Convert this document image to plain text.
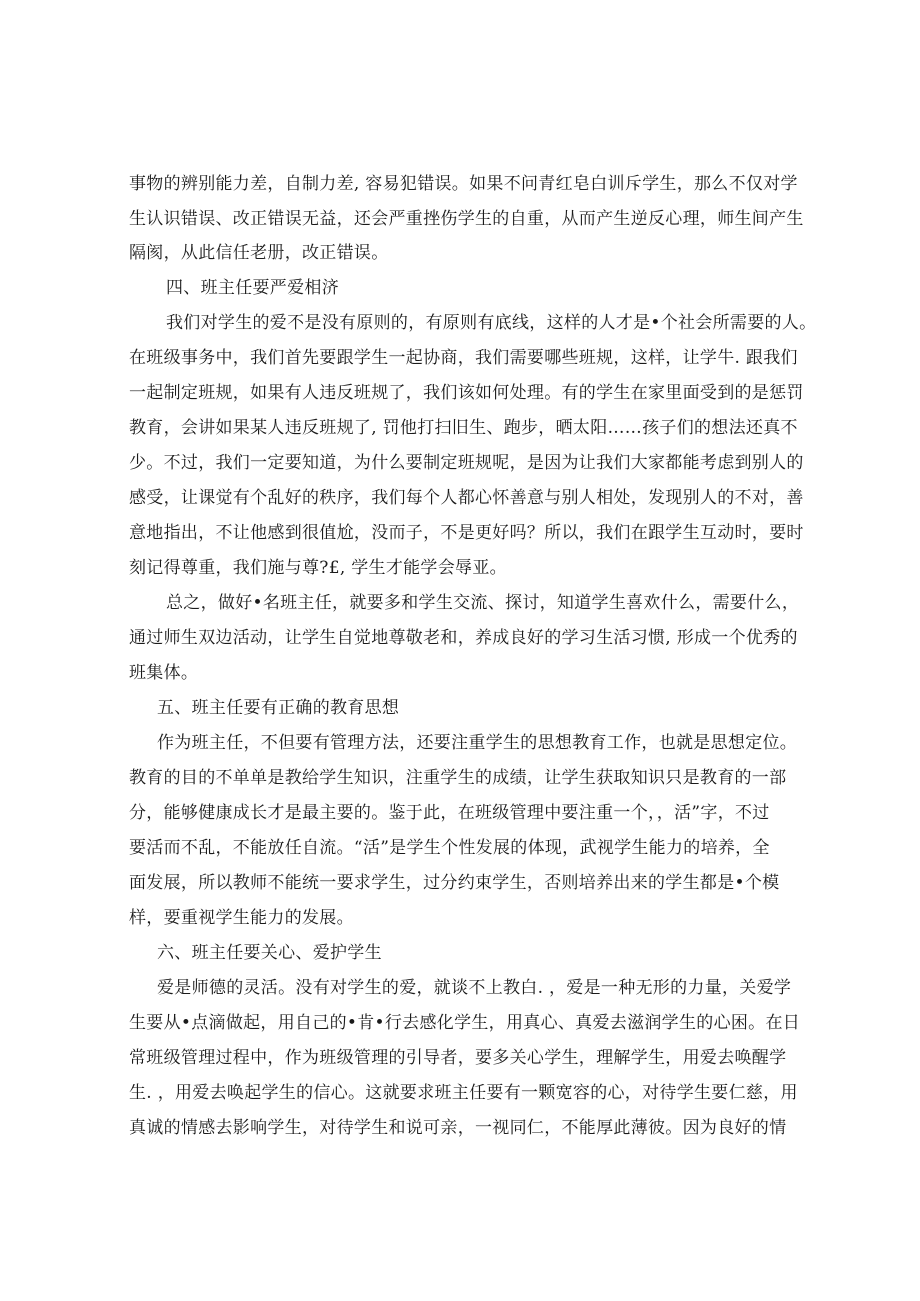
事物的辨别能力差，自制力差, 容易犯错误。如果不问青红皂白训斥学生，那么不仅对学
生认识错误、改正错误无益，还会严重挫伤学生的自重，从而产生逆反心理，师生间产生
隔阂，从此信任老册，改正错误。
四、班主任要严爱相济
我们对学生的爱不是没有原则的，有原则有底线，这样的人才是•个社会所需要的人。
在班级事务中，我们首先要跟学生一起协商，我们需要哪些班规，这样，让学牛. 跟我们
一起制定班规，如果有人违反班规了，我们该如何处理。有的学生在家里面受到的是惩罚
教育，会讲如果某人违反班规了, 罚他打扫旧生、跑步，晒太阳……孩子们的想法还真不
少。不过，我们一定要知道，为什么要制定班规呢，是因为让我们大家都能考虑到别人的
感受，让课觉有个乱好的秩序，我们每个人都心怀善意与别人相处，发现别人的不对，善
意地指出，不让他感到很值尬，没而子，不是更好吗？所以，我们在跟学生互动时，要时
刻记得尊重，我们施与尊?£, 学生才能学会辱亚。
总之，做好•名班主任，就要多和学生交流、探讨，知道学生喜欢什么，需要什么，
通过师生双边活动，让学生自觉地尊敬老和，养成良好的学习生活习惯, 形成一个优秀的
班集体。
五、班主任要有正确的教育思想
作为班主任，不但要有管理方法，还要注重学生的思想教育工作，也就是思想定位。
教育的目的不单单是教给学生知识，注重学生的成绩，让学生获取知识只是教育的一部
分，能够健康成长才是最主要的。鉴于此，在班级管理中要注重一个，，活”字，不过
要活而不乱，不能放任自流。“活”是学生个性发展的体现，武视学生能力的培养，全
面发展，所以教师不能统一要求学生，过分约束学生，否则培养出来的学生都是•个模
样，要重视学生能力的发展。
六、班主任要关心、爱护学生
爱是师德的灵活。没有对学生的爱，就谈不上教白. ，爱是一种无形的力量，关爱学
生要从•点滴做起，用自己的•肯•行去感化学生，用真心、真爱去滋润学生的心困。在日
常班级管理过程中，作为班级管理的引导者，要多关心学生，理解学生，用爱去唤醒学
生. ，用爱去唤起学生的信心。这就要求班主任要有一颗宽容的心，对待学生要仁慈，用
真诚的情感去影响学生，对待学生和说可亲，一视同仁，不能厚此薄彼。因为良好的情
